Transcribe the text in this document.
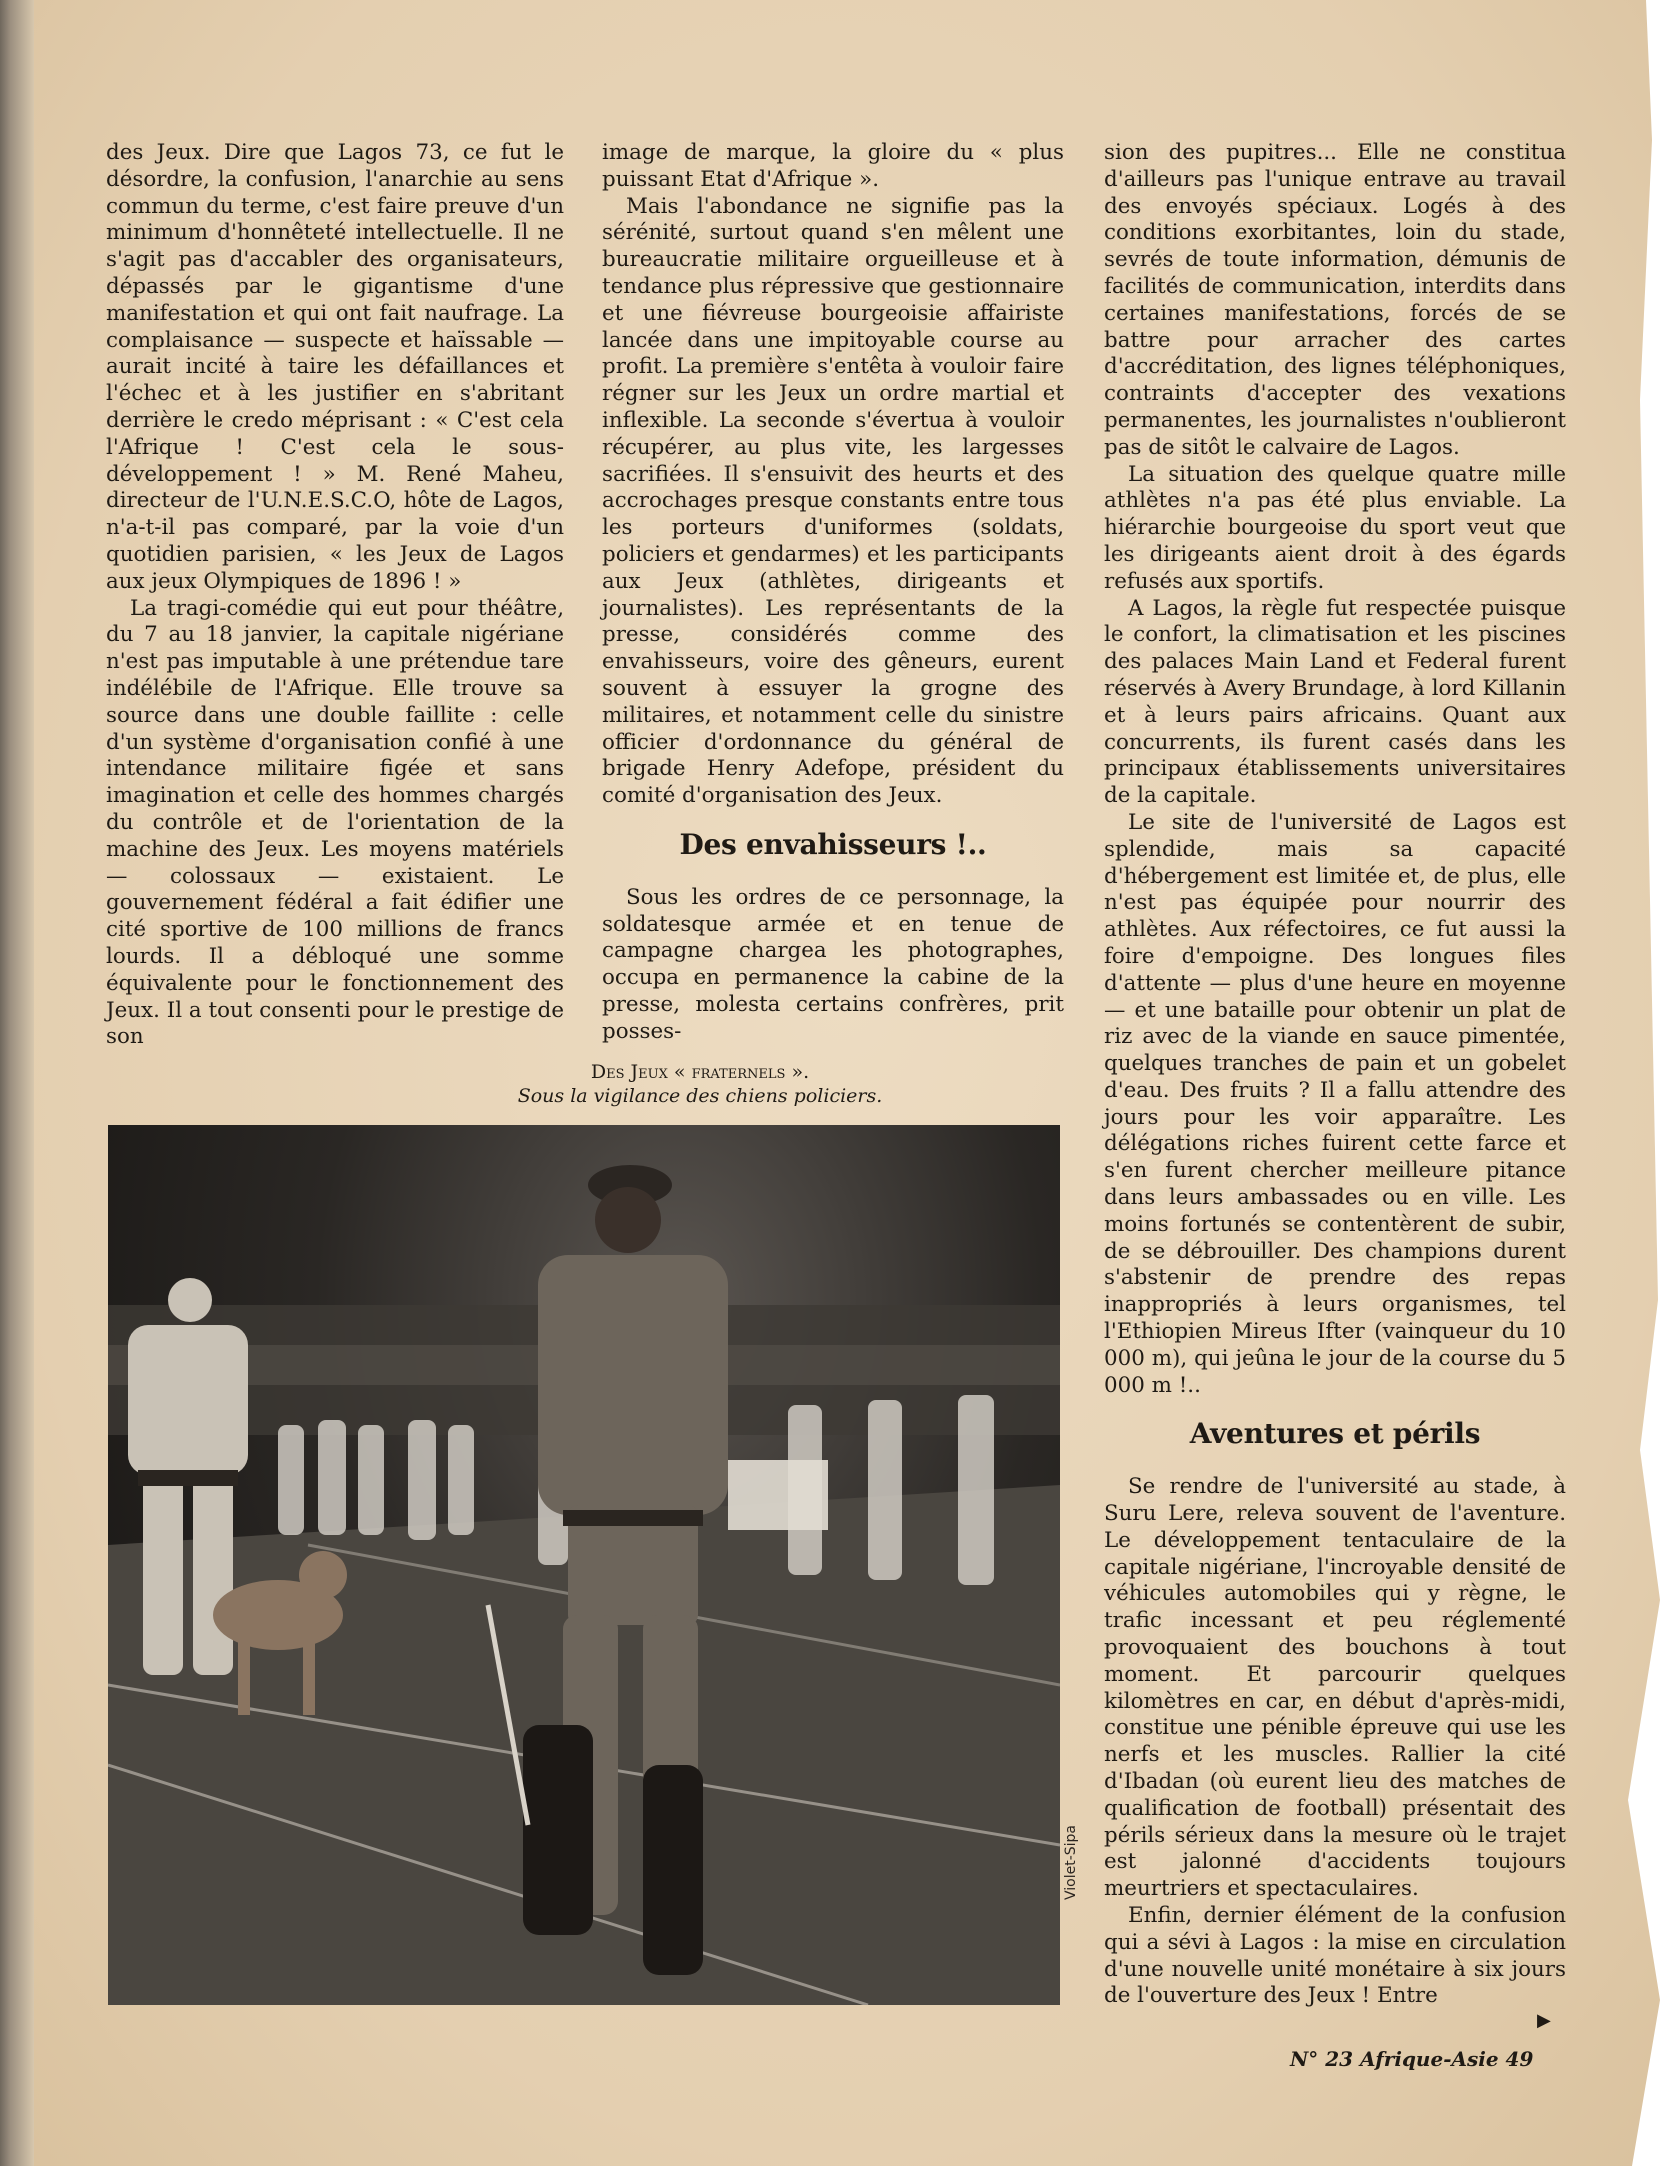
des Jeux. Dire que Lagos 73, ce fut le désordre, la confusion, l'anarchie au sens commun du terme, c'est faire preuve d'un minimum d'honnêteté intellectuelle. Il ne s'agit pas d'accabler des organisateurs, dépassés par le gigantisme d'une manifestation et qui ont fait naufrage. La complaisance — suspecte et haïssable — aurait incité à taire les défaillances et l'échec et à les justifier en s'abritant derrière le credo méprisant : « C'est cela l'Afrique ! C'est cela le sous-développement ! » M. René Maheu, directeur de l'U.N.E.S.C.O, hôte de Lagos, n'a-t-il pas comparé, par la voie d'un quotidien parisien, « les Jeux de Lagos aux jeux Olympiques de 1896 ! »

La tragi-comédie qui eut pour théâtre, du 7 au 18 janvier, la capitale nigériane n'est pas imputable à une prétendue tare indélébile de l'Afrique. Elle trouve sa source dans une double faillite : celle d'un système d'organisation confié à une intendance militaire figée et sans imagination et celle des hommes chargés du contrôle et de l'orientation de la machine des Jeux. Les moyens matériels — colossaux — existaient. Le gouvernement fédéral a fait édifier une cité sportive de 100 millions de francs lourds. Il a débloqué une somme équivalente pour le fonctionnement des Jeux. Il a tout consenti pour le prestige de son

image de marque, la gloire du « plus puissant Etat d'Afrique ».

Mais l'abondance ne signifie pas la sérénité, surtout quand s'en mêlent une bureaucratie militaire orgueilleuse et à tendance plus répressive que gestionnaire et une fiévreuse bourgeoisie affairiste lancée dans une impitoyable course au profit. La première s'entêta à vouloir faire régner sur les Jeux un ordre martial et inflexible. La seconde s'évertua à vouloir récupérer, au plus vite, les largesses sacrifiées. Il s'ensuivit des heurts et des accrochages presque constants entre tous les porteurs d'uniformes (soldats, policiers et gendarmes) et les participants aux Jeux (athlètes, dirigeants et journalistes). Les représentants de la presse, considérés comme des envahisseurs, voire des gêneurs, eurent souvent à essuyer la grogne des militaires, et notamment celle du sinistre officier d'ordonnance du général de brigade Henry Adefope, président du comité d'organisation des Jeux.

Des envahisseurs !..

Sous les ordres de ce personnage, la soldatesque armée et en tenue de campagne chargea les photographes, occupa en permanence la cabine de la presse, molesta certains confrères, prit posses-

sion des pupitres... Elle ne constitua d'ailleurs pas l'unique entrave au travail des envoyés spéciaux. Logés à des conditions exorbitantes, loin du stade, sevrés de toute information, démunis de facilités de communication, interdits dans certaines manifestations, forcés de se battre pour arracher des cartes d'accréditation, des lignes téléphoniques, contraints d'accepter des vexations permanentes, les journalistes n'oublieront pas de sitôt le calvaire de Lagos.

La situation des quelque quatre mille athlètes n'a pas été plus enviable. La hiérarchie bourgeoise du sport veut que les dirigeants aient droit à des égards refusés aux sportifs.

A Lagos, la règle fut respectée puisque le confort, la climatisation et les piscines des palaces Main Land et Federal furent réservés à Avery Brundage, à lord Killanin et à leurs pairs africains. Quant aux concurrents, ils furent casés dans les principaux établissements universitaires de la capitale.

Le site de l'université de Lagos est splendide, mais sa capacité d'hébergement est limitée et, de plus, elle n'est pas équipée pour nourrir des athlètes. Aux réfectoires, ce fut aussi la foire d'empoigne. Des longues files d'attente — plus d'une heure en moyenne — et une bataille pour obtenir un plat de riz avec de la viande en sauce pimentée, quelques tranches de pain et un gobelet d'eau. Des fruits ? Il a fallu attendre des jours pour les voir apparaître. Les délégations riches fuirent cette farce et s'en furent chercher meilleure pitance dans leurs ambassades ou en ville. Les moins fortunés se contentèrent de subir, de se débrouiller. Des champions durent s'abstenir de prendre des repas inappropriés à leurs organismes, tel l'Ethiopien Mireus Ifter (vainqueur du 10 000 m), qui jeûna le jour de la course du 5 000 m !..

Aventures et périls

Se rendre de l'université au stade, à Suru Lere, releva souvent de l'aventure. Le développement tentaculaire de la capitale nigériane, l'incroyable densité de véhicules automobiles qui y règne, le trafic incessant et peu réglementé provoquaient des bouchons à tout moment. Et parcourir quelques kilomètres en car, en début d'après-midi, constitue une pénible épreuve qui use les nerfs et les muscles. Rallier la cité d'Ibadan (où eurent lieu des matches de qualification de football) présentait des périls sérieux dans la mesure où le trajet est jalonné d'accidents toujours meurtriers et spectaculaires.

Enfin, dernier élément de la confusion qui a sévi à Lagos : la mise en circulation d'une nouvelle unité monétaire à six jours de l'ouverture des Jeux ! Entre

Des Jeux « fraternels ».
Sous la vigilance des chiens policiers.
Violet-Sipa
▶
N° 23 Afrique-Asie 49
